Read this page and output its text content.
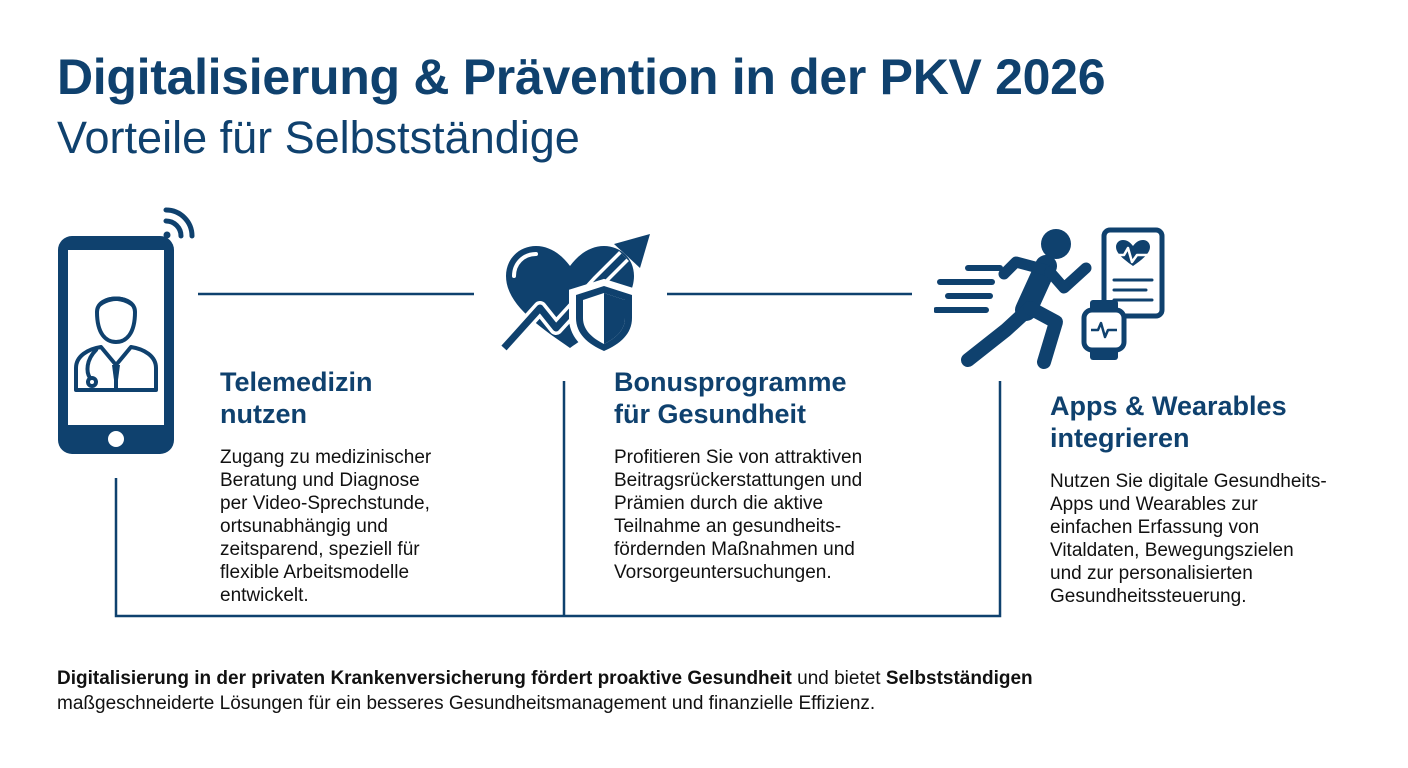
Digitalisierung & Prävention in der PKV 2026
Vorteile für Selbstständige
Telemedizin
nutzen

Zugang zu medizinischer
Beratung und Diagnose
per Video-Sprechstunde,
ortsunabhängig und
zeitsparend, speziell für
flexible Arbeitsmodelle
entwickelt.

Bonusprogramme
für Gesundheit

Profitieren Sie von attraktiven
Beitragsrückerstattungen und
Prämien durch die aktive
Teilnahme an gesundheits-
fördernden Maßnahmen und
Vorsorgeuntersuchungen.

Apps & Wearables
integrieren

Nutzen Sie digitale Gesundheits-
Apps und Wearables zur
einfachen Erfassung von
Vitaldaten, Bewegungszielen
und zur personalisierten
Gesundheitssteuerung.

Digitalisierung in der privaten Krankenversicherung fördert proaktive Gesundheit und bietet Selbstständigen
maßgeschneiderte Lösungen für ein besseres Gesundheitsmanagement und finanzielle Effizienz.
